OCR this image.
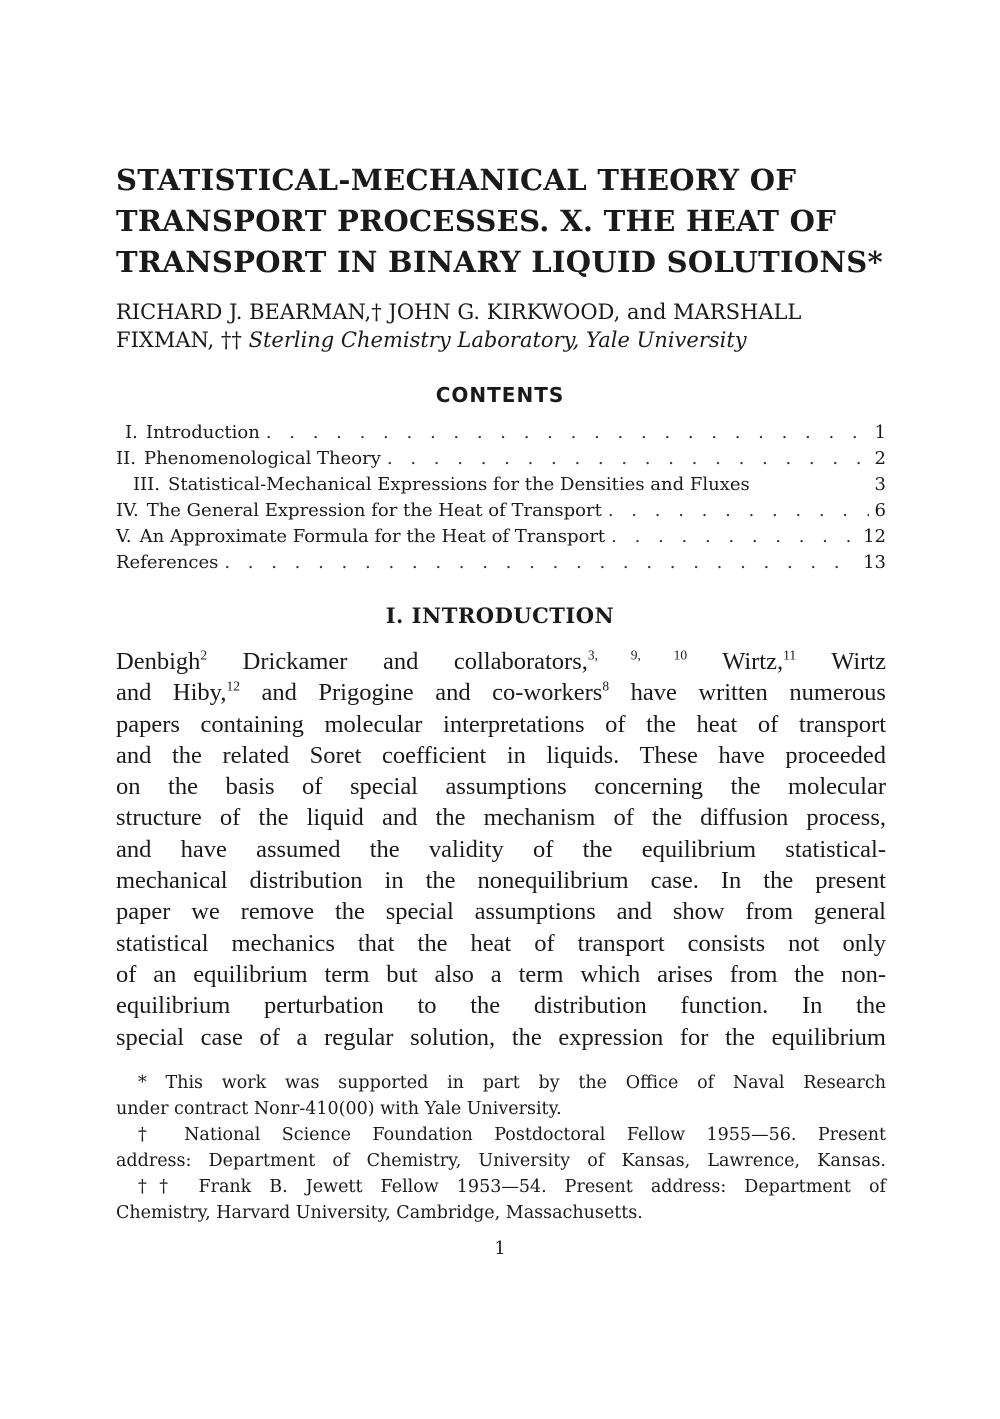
STATISTICAL-MECHANICAL THEORY OF
TRANSPORT PROCESSES. X. THE HEAT OF
TRANSPORT IN BINARY LIQUID SOLUTIONS*
RICHARD J. BEARMAN,† JOHN G. KIRKWOOD, and MARSHALL
FIXMAN, †† Sterling Chemistry Laboratory, Yale University
CONTENTS
I. Introduction . . .	1
II. Phenomenological Theory . . .	2
III. Statistical-Mechanical Expressions for the Densities and Fluxes	3
IV. The General Expression for the Heat of Transport . . .	6
V. An Approximate Formula for the Heat of Transport . . .	12
References . . .	13
I. INTRODUCTION
Denbigh$^2$ Drickamer and collaborators,$^{3, 9, 10}$ Wirtz,$^{11}$ Wirtz
and Hiby,$^{12}$ and Prigogine and co-workers$^8$ have written numerous
papers containing molecular interpretations of the heat of transport
and the related Soret coefficient in liquids. These have proceeded
on the basis of special assumptions concerning the molecular
structure of the liquid and the mechanism of the diffusion process,
and have assumed the validity of the equilibrium statistical-
mechanical distribution in the nonequilibrium case. In the present
paper we remove the special assumptions and show from general
statistical mechanics that the heat of transport consists not only
of an equilibrium term but also a term which arises from the non-
equilibrium perturbation to the distribution function. In the
special case of a regular solution, the expression for the equilibrium
* This work was supported in part by the Office of Naval Research
under contract Nonr-410(00) with Yale University.
† National Science Foundation Postdoctoral Fellow 1955—56. Present
address: Department of Chemistry, University of Kansas, Lawrence, Kansas.
†† Frank B. Jewett Fellow 1953—54. Present address: Department of
Chemistry, Harvard University, Cambridge, Massachusetts.
1
